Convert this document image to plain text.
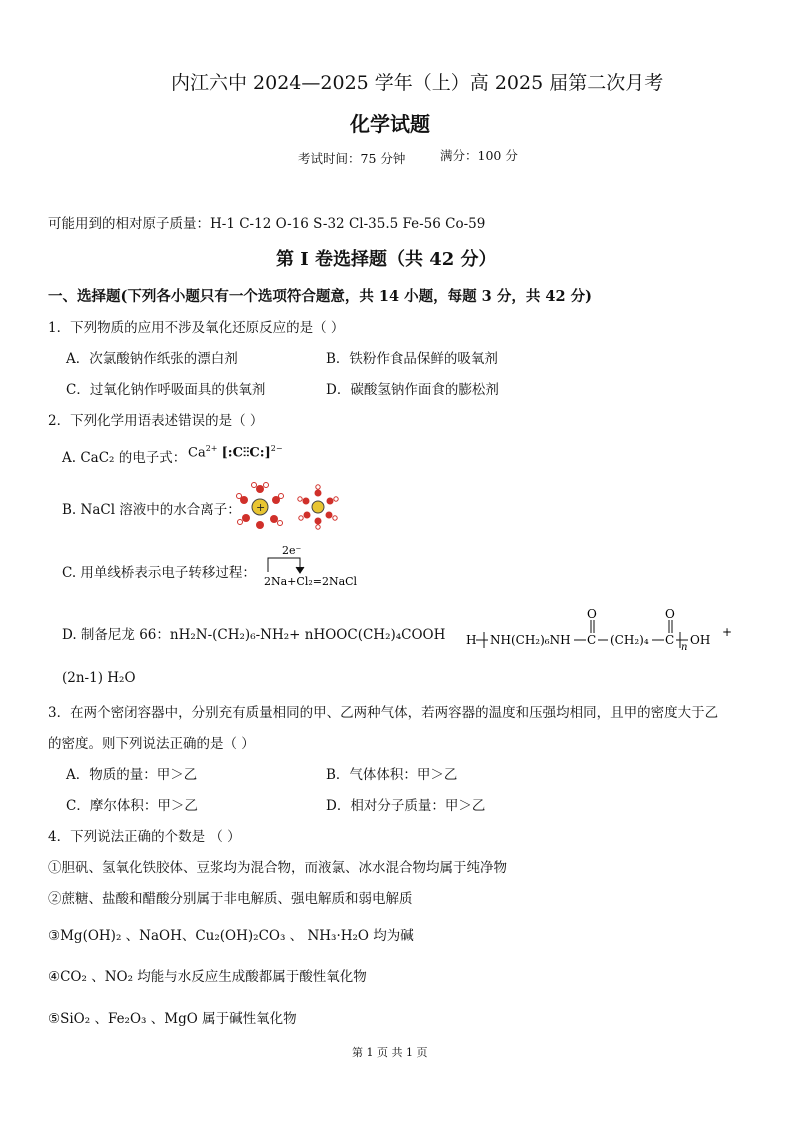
内江六中 2024—2025 学年（上）高 2025 届第二次月考
化学试题
考试时间：75 分钟	满分：100 分
可能用到的相对原子质量：H-1 C-12 O-16 S-32 Cl-35.5 Fe-56 Co-59
第 I 卷选择题（共 42 分）
一、选择题(下列各小题只有一个选项符合题意，共 14 小题，每题 3 分，共 42 分)
1．下列物质的应用不涉及氧化还原反应的是（ ）
A．次氯酸钠作纸张的漂白剂	B．铁粉作食品保鲜的吸氧剂
C．过氧化钠作呼吸面具的供氧剂	D．碳酸氢钠作面食的膨松剂
2．下列化学用语表述错误的是（ ）
A. CaC₂ 的电子式： $Ca^{2+}$ [:C⫶⫶C:]$^{2-}$
B. NaCl 溶液中的水合离子： +
C. 用单线桥表示电子转移过程：
2e⁻
2Na+Cl₂=2NaCl
D. 制备尼龙 66：nH₂N-(CH₂)₆-NH₂+ nHOOC(CH₂)₄COOH H NH(CH₂)₆NH C
O
(CH₂)₄ C
O
n
OH
+
(2n-1) H₂O
3．在两个密闭容器中，分别充有质量相同的甲、乙两种气体，若两容器的温度和压强均相同，且甲的密度大于乙
的密度。则下列说法正确的是（ ）
A．物质的量：甲＞乙	B．气体体积：甲＞乙
C．摩尔体积：甲＞乙	D．相对分子质量：甲＞乙
4．下列说法正确的个数是 （ ）
①胆矾、氢氧化铁胶体、豆浆均为混合物，而液氯、冰水混合物均属于纯净物
②蔗糖、盐酸和醋酸分别属于非电解质、强电解质和弱电解质
③Mg(OH)₂ 、NaOH、Cu₂(OH)₂CO₃ 、 NH₃·H₂O 均为碱
④CO₂ 、NO₂ 均能与水反应生成酸都属于酸性氧化物
⑤SiO₂ 、Fe₂O₃ 、MgO 属于碱性氧化物
第 1 页 共 1 页
